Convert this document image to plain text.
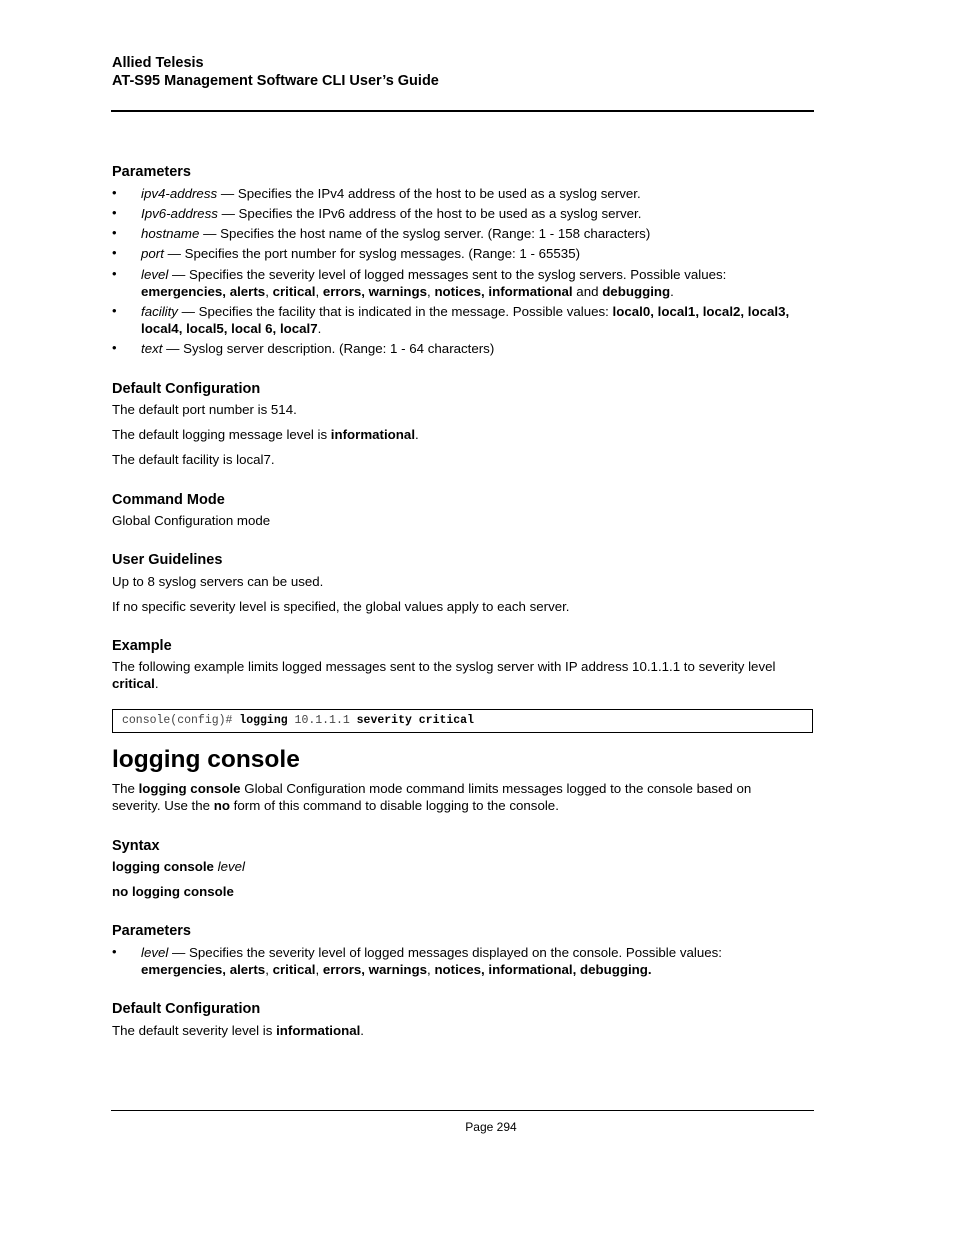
Allied Telesis
AT-S95 Management Software CLI User’s Guide
Parameters
• ipv4-address — Specifies the IPv4 address of the host to be used as a syslog server.
• Ipv6-address — Specifies the IPv6 address of the host to be used as a syslog server.
• hostname — Specifies the host name of the syslog server. (Range: 1 - 158 characters)
• port — Specifies the port number for syslog messages. (Range: 1 - 65535)
• level — Specifies the severity level of logged messages sent to the syslog servers. Possible values:
emergencies, alerts, critical, errors, warnings, notices, informational and debugging.
• facility — Specifies the facility that is indicated in the message. Possible values: local0, local1, local2, local3, local4, local5, local 6, local7.
• text — Syslog server description. (Range: 1 - 64 characters)
Default Configuration
The default port number is 514.
The default logging message level is informational.
The default facility is local7.
Command Mode
Global Configuration mode
User Guidelines
Up to 8 syslog servers can be used.
If no specific severity level is specified, the global values apply to each server.
Example
The following example limits logged messages sent to the syslog server with IP address 10.1.1.1 to severity level critical.
console(config)# logging 10.1.1.1 severity critical
logging console
The logging console Global Configuration mode command limits messages logged to the console based on severity. Use the no form of this command to disable logging to the console.
Syntax
logging console level
no logging console
Parameters
• level — Specifies the severity level of logged messages displayed on the console. Possible values:
emergencies, alerts, critical, errors, warnings, notices, informational, debugging.
Default Configuration
The default severity level is informational.
Page 294
